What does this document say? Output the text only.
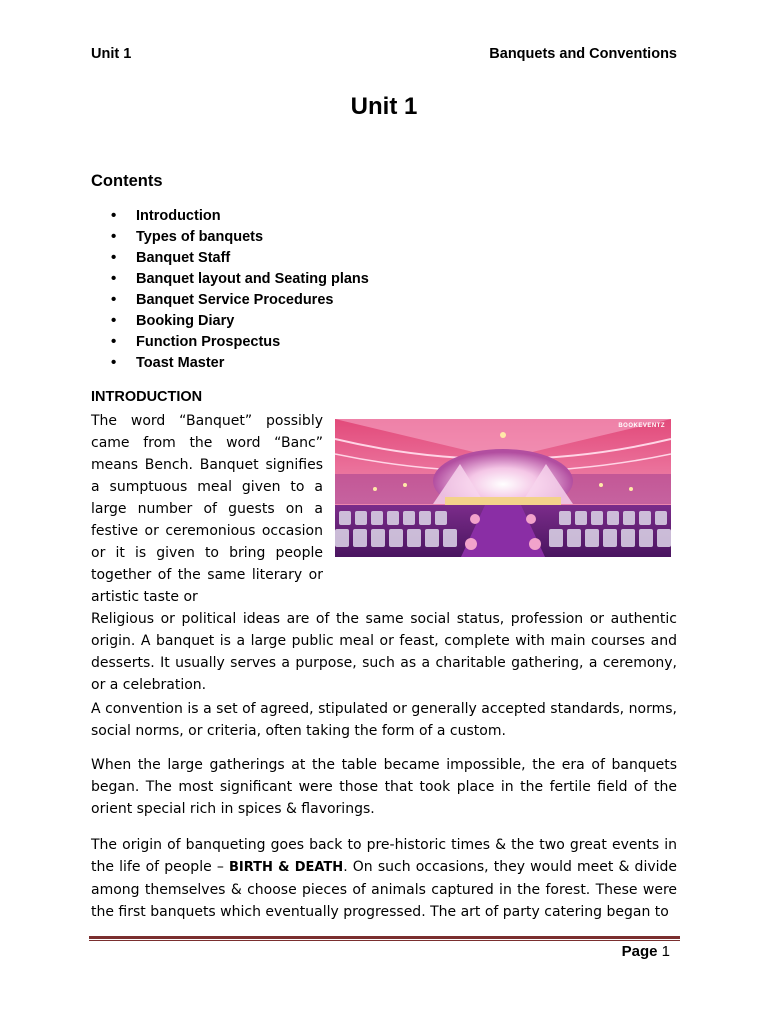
Unit 1	Banquets and Conventions
Unit 1
Contents
• Introduction
• Types of banquets
• Banquet Staff
• Banquet layout and Seating plans
• Banquet Service Procedures
• Booking Diary
• Function Prospectus
• Toast Master
INTRODUCTION
The word “Banquet” possibly came from the word “Banc” means Bench. Banquet signifies a sumptuous meal given to a large number of guests on a festive or ceremonious occasion or it is given to bring people together of the same literary or artistic taste or
BOOKEVENTZ
Religious or political ideas are of the same social status, profession or authentic origin. A banquet is a large public meal or feast, complete with main courses and desserts. It usually serves a purpose, such as a charitable gathering, a ceremony, or a celebration.
A convention is a set of agreed, stipulated or generally accepted standards, norms, social norms, or criteria, often taking the form of a custom.
When the large gatherings at the table became impossible, the era of banquets began. The most significant were those that took place in the fertile field of the orient special rich in spices & flavorings.
The origin of banqueting goes back to pre-historic times & the two great events in the life of people – BIRTH & DEATH. On such occasions, they would meet & divide among themselves & choose pieces of animals captured in the forest. These were the first banquets which eventually progressed. The art of party catering began to
Page 1
